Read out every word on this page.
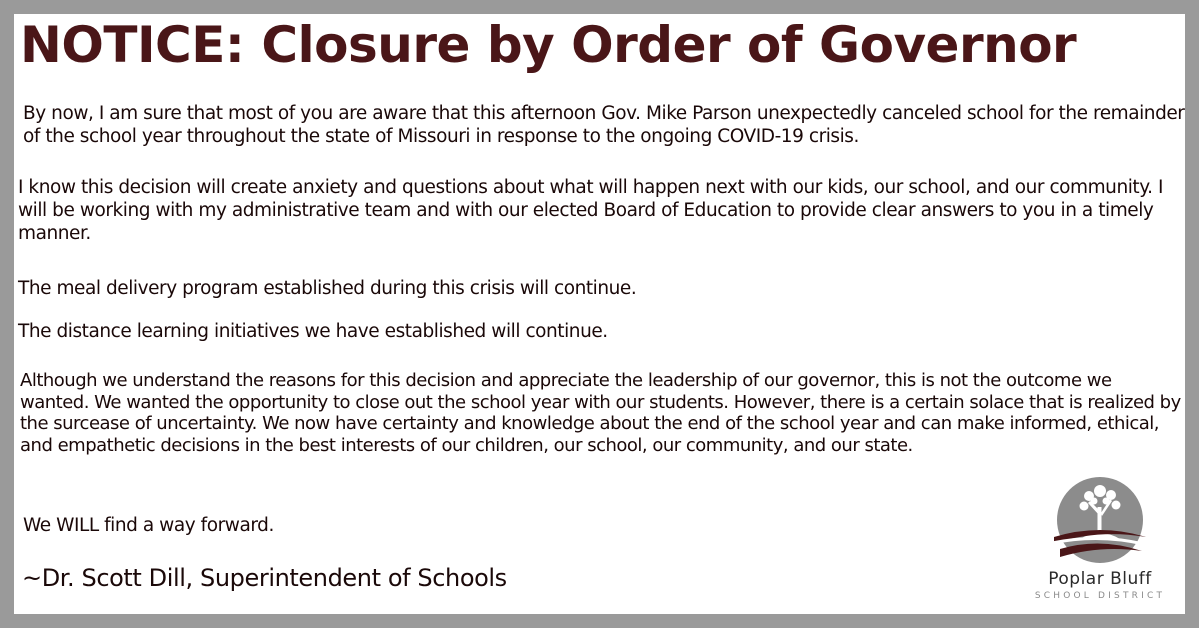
NOTICE: Closure by Order of Governor

By now, I am sure that most of you are aware that this afternoon Gov. Mike Parson unexpectedly canceled school for the remainder of the school year throughout the state of Missouri in response to the ongoing COVID-19 crisis.

I know this decision will create anxiety and questions about what will happen next with our kids, our school, and our community. I will be working with my administrative team and with our elected Board of Education to provide clear answers to you in a timely manner.

The meal delivery program established during this crisis will continue.

The distance learning initiatives we have established will continue.

Although we understand the reasons for this decision and appreciate the leadership of our governor, this is not the outcome we wanted. We wanted the opportunity to close out the school year with our students. However, there is a certain solace that is realized by the surcease of uncertainty. We now have certainty and knowledge about the end of the school year and can make informed, ethical, and empathetic decisions in the best interests of our children, our school, our community, and our state.

We WILL find a way forward.

~Dr. Scott Dill, Superintendent of Schools	Poplar Bluff
SCHOOL DISTRICT
